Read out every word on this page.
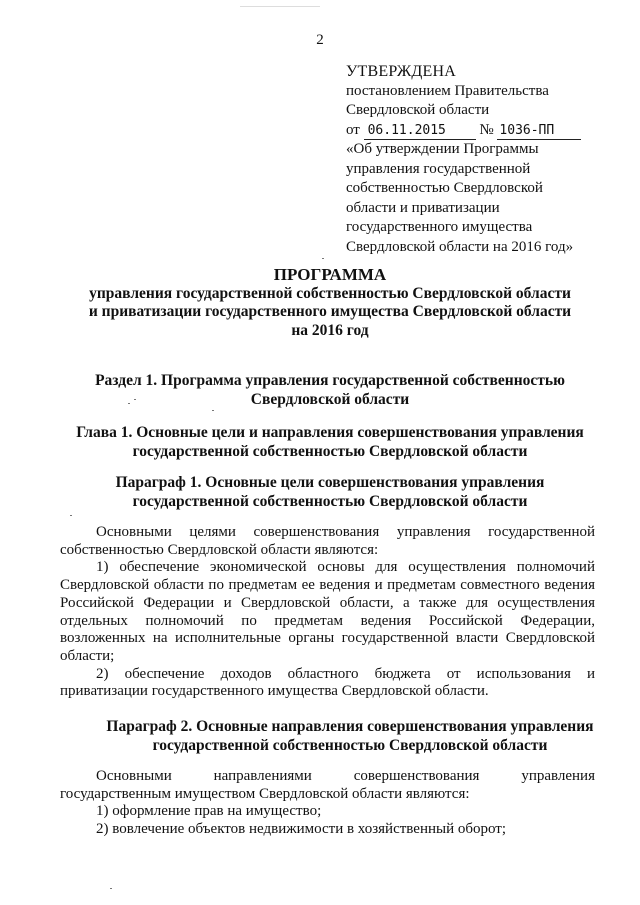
2
УТВЕРЖДЕНА
постановлением Правительства
Свердловской области
от 06.11.2015 № 1036-ПП
«Об утверждении Программы
управления государственной
собственностью Свердловской
области и приватизации
государственного имущества
Свердловской области на 2016 год»
ПРОГРАММА
управления государственной собственностью Свердловской области
и приватизации государственного имущества Свердловской области
на 2016 год
Раздел 1. Программа управления государственной собственностью
Свердловской области
Глава 1. Основные цели и направления совершенствования управления
государственной собственностью Свердловской области
Параграф 1. Основные цели совершенствования управления
государственной собственностью Свердловской области

Основными целями совершенствования управления государственной собственностью Свердловской области являются:

1) обеспечение экономической основы для осуществления полномочий Свердловской области по предметам ее ведения и предметам совместного ведения Российской Федерации и Свердловской области, а также для осуществления отдельных полномочий по предметам ведения Российской Федерации, возложенных на исполнительные органы государственной власти Свердловской области;

2) обеспечение доходов областного бюджета от использования и приватизации государственного имущества Свердловской области.

Параграф 2. Основные направления совершенствования управления
государственной собственностью Свердловской области

Основными направлениями совершенствования управления государственным имуществом Свердловской области являются:

1) оформление прав на имущество;

2) вовлечение объектов недвижимости в хозяйственный оборот;
